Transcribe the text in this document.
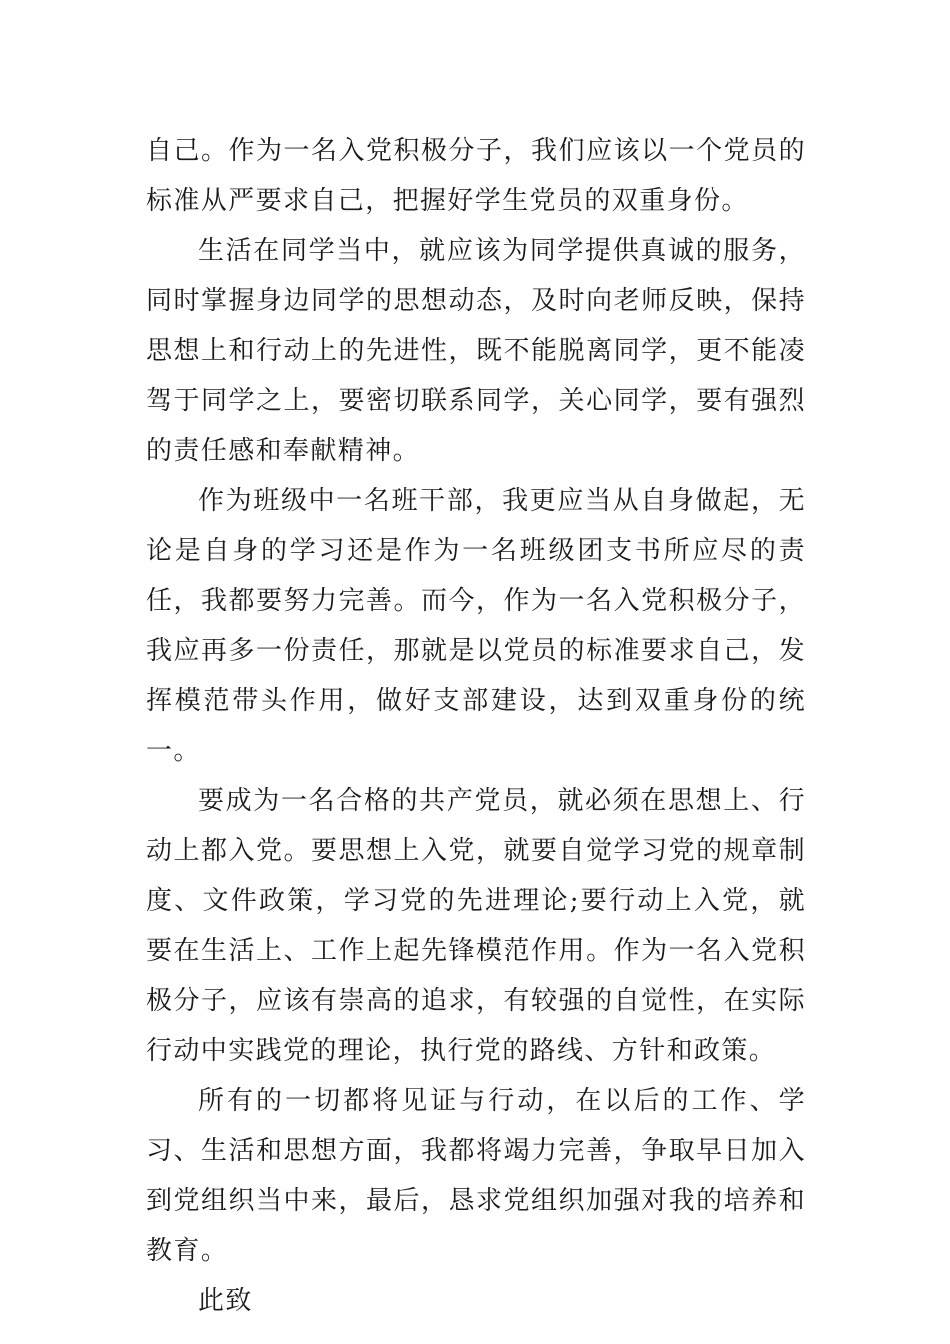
自己。作为一名入党积极分子，我们应该以一个党员的标准从严要求自己，把握好学生党员的双重身份。

生活在同学当中，就应该为同学提供真诚的服务，同时掌握身边同学的思想动态，及时向老师反映，保持思想上和行动上的先进性，既不能脱离同学，更不能凌驾于同学之上，要密切联系同学，关心同学，要有强烈的责任感和奉献精神。

作为班级中一名班干部，我更应当从自身做起，无论是自身的学习还是作为一名班级团支书所应尽的责任，我都要努力完善。而今，作为一名入党积极分子，我应再多一份责任，那就是以党员的标准要求自己，发挥模范带头作用，做好支部建设，达到双重身份的统一。

要成为一名合格的共产党员，就必须在思想上、行动上都入党。要思想上入党，就要自觉学习党的规章制度、文件政策，学习党的先进理论;要行动上入党，就要在生活上、工作上起先锋模范作用。作为一名入党积极分子，应该有崇高的追求，有较强的自觉性，在实际行动中实践党的理论，执行党的路线、方针和政策。

所有的一切都将见证与行动，在以后的工作、学习、生活和思想方面，我都将竭力完善，争取早日加入到党组织当中来，最后，恳求党组织加强对我的培养和教育。

此致
